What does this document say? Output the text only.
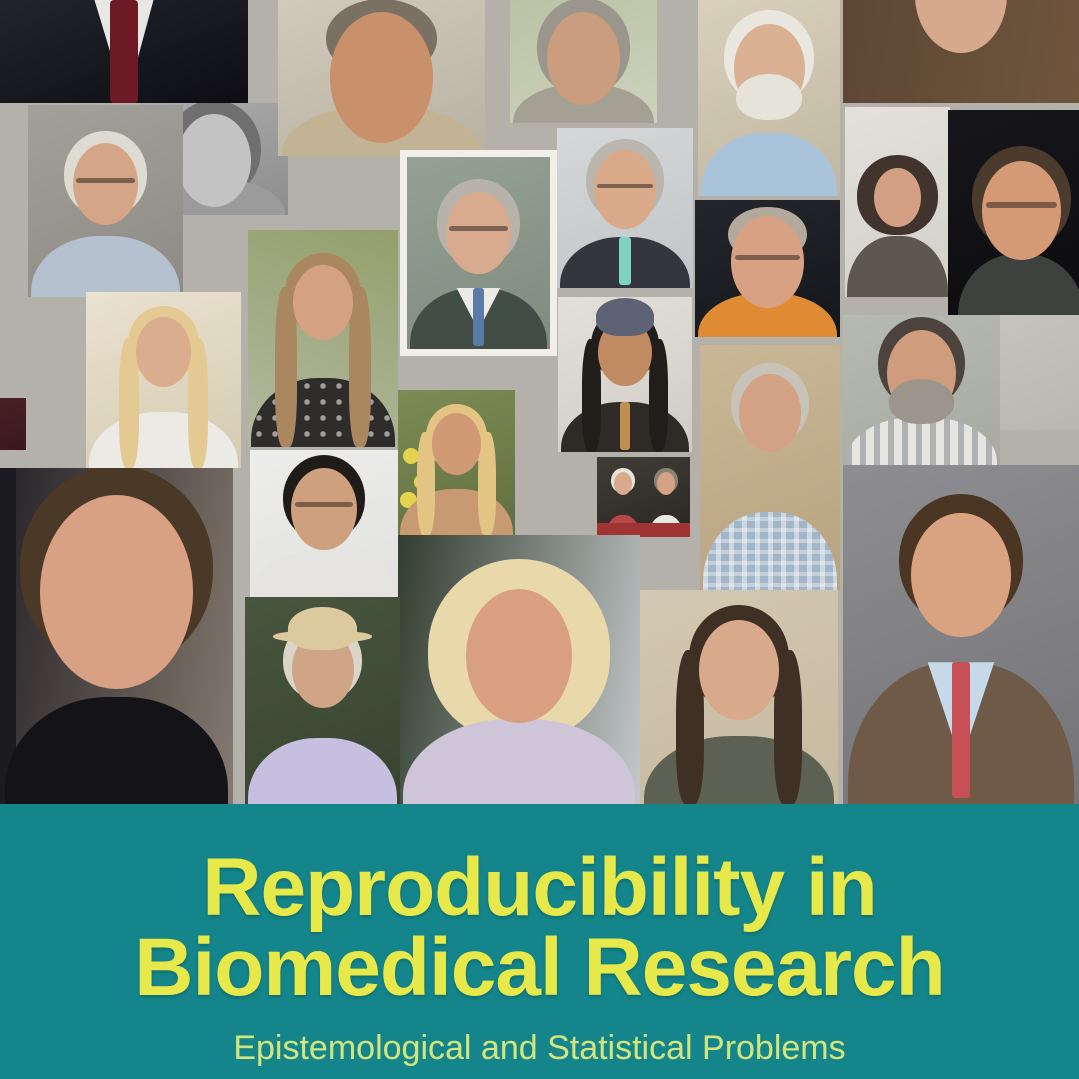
Reproducibility in
Biomedical Research
Epistemological and Statistical Problems
